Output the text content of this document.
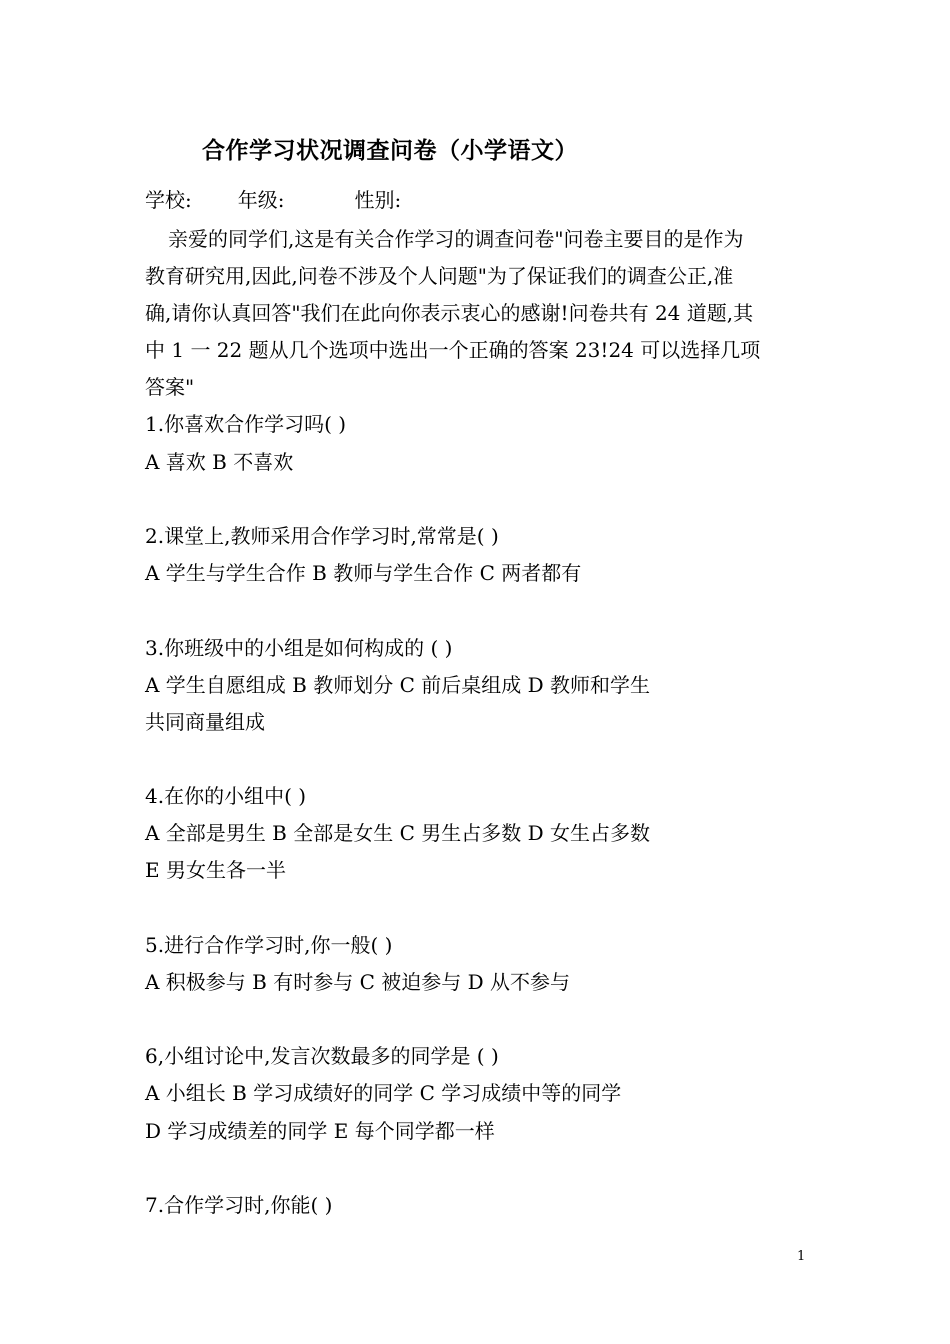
合作学习状况调查问卷（小学语文）
学校: 年级:	性别:
亲爱的同学们,这是有关合作学习的调查问卷"问卷主要目的是作为
教育研究用,因此,问卷不涉及个人问题"为了保证我们的调查公正,准
确,请你认真回答"我们在此向你表示衷心的感谢!问卷共有 24 道题,其
中 1 一 22 题从几个选项中选出一个正确的答案 23!24 可以选择几项
答案"
1.你喜欢合作学习吗( )
A 喜欢 B 不喜欢
2.课堂上,教师采用合作学习时,常常是( )
A 学生与学生合作 B 教师与学生合作 C 两者都有
3.你班级中的小组是如何构成的 ( )
A 学生自愿组成 B 教师划分 C 前后桌组成 D 教师和学生
共同商量组成
4.在你的小组中( )
A 全部是男生 B 全部是女生 C 男生占多数 D 女生占多数
E 男女生各一半
5.进行合作学习时,你一般( )
A 积极参与 B 有时参与 C 被迫参与 D 从不参与
6,小组讨论中,发言次数最多的同学是 ( )
A 小组长 B 学习成绩好的同学 C 学习成绩中等的同学
D 学习成绩差的同学 E 每个同学都一样
7.合作学习时,你能( )
1
